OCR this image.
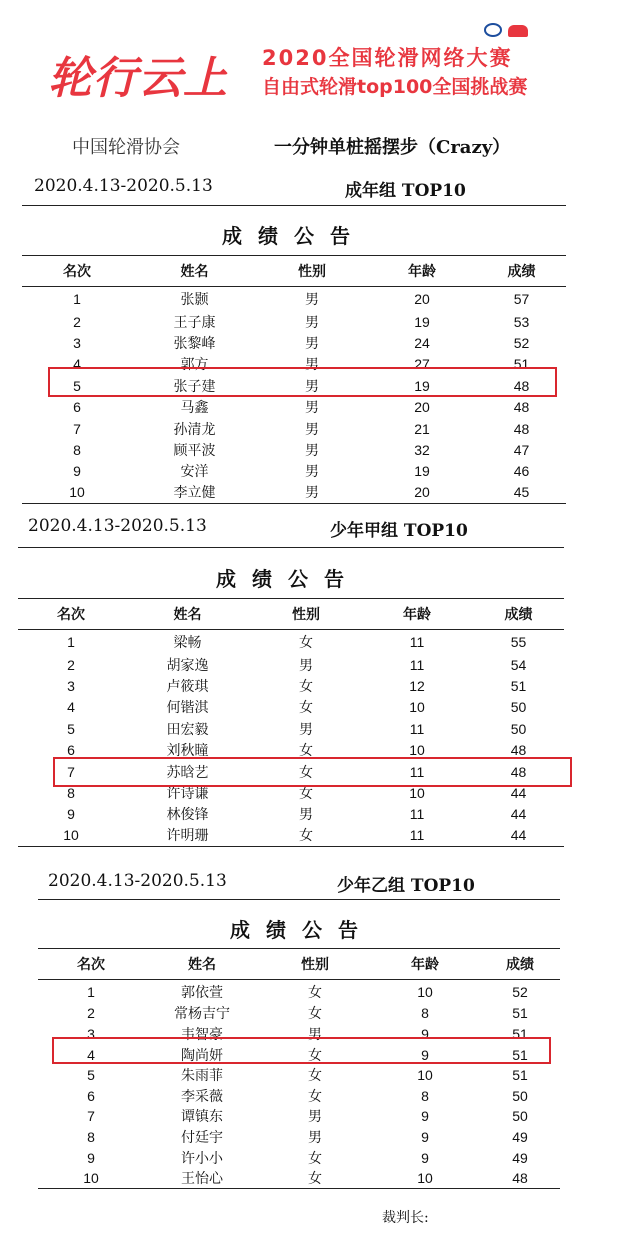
轮行云上 2020全国轮滑网络大赛
自由式轮滑top100全国挑战赛
中国轮滑协会	一分钟单桩摇摆步（Crazy）
2020.4.13-2020.5.13	成年组 TOP10
成绩公告
名次	姓名	性别	年龄	成绩
1	张颢	男	20	57
2	王子康	男	19	53
3	张黎峰	男	24	52
4	郭方	男	27	51
5	张子建	男	19	48
6	马鑫	男	20	48
7	孙清龙	男	21	48
8	顾平波	男	32	47
9	安洋	男	19	46
10	李立健	男	20	45
2020.4.13-2020.5.13	少年甲组 TOP10
成绩公告
名次	姓名	性别	年龄	成绩
1	梁畅	女	11	55
2	胡家逸	男	11	54
3	卢筱琪	女	12	51
4	何锴淇	女	10	50
5	田宏毅	男	11	50
6	刘秋瞳	女	10	48
7	苏晗艺	女	11	48
8	许诗谦	女	10	44
9	林俊锋	男	11	44
10	许明珊	女	11	44
2020.4.13-2020.5.13	少年乙组 TOP10
成绩公告
名次	姓名	性别	年龄	成绩
1	郭依萱	女	10	52
2	常杨吉宁	女	8	51
3	韦智豪	男	9	51
4	陶尚妍	女	9	51
5	朱雨菲	女	10	51
6	李采薇	女	8	50
7	谭镇东	男	9	50
8	付廷宇	男	9	49
9	许小小	女	9	49
10	王怡心	女	10	48
裁判长:
